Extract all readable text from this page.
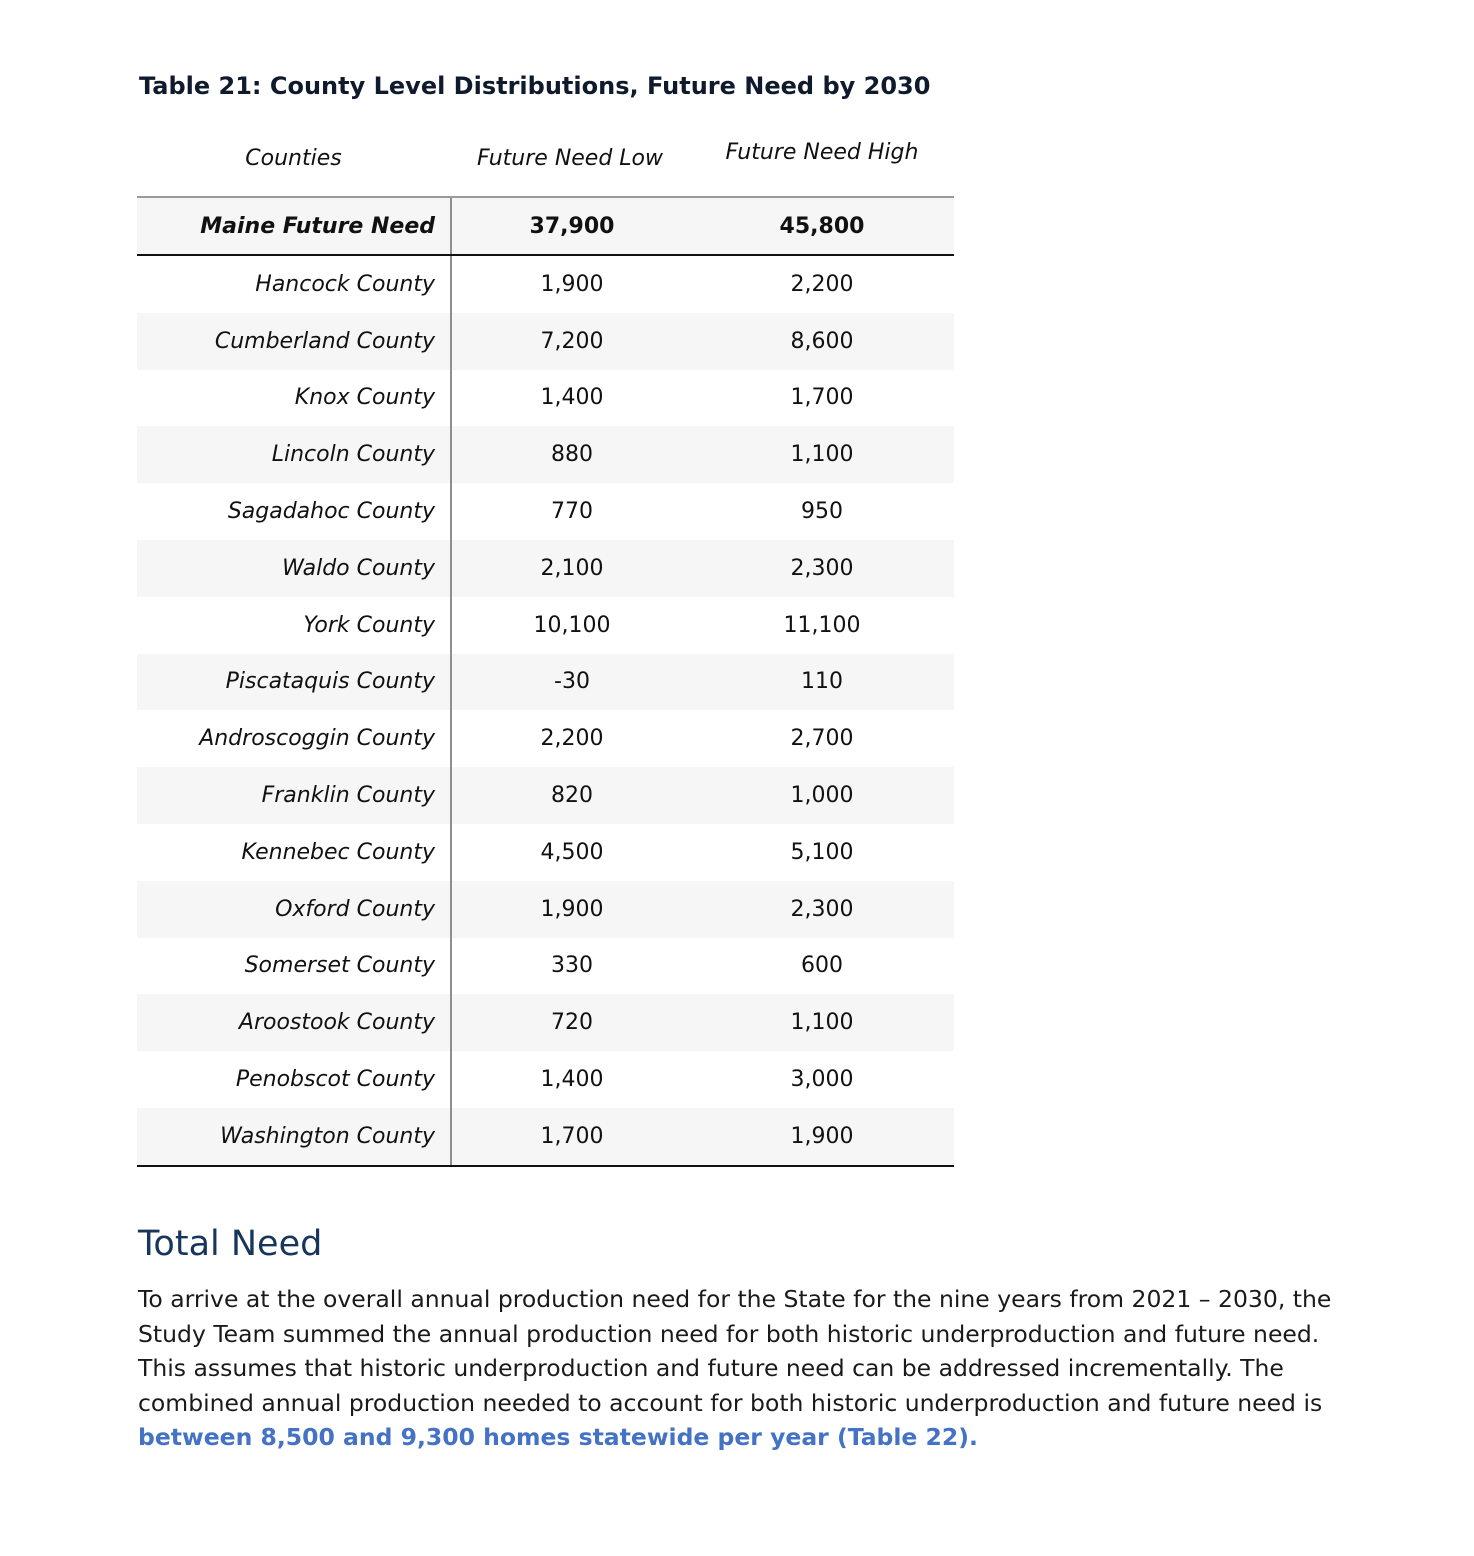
Table 21: County Level Distributions, Future Need by 2030
Counties	Future Need Low	Future Need High
Maine Future Need	37,900	45,800
Hancock County	1,900	2,200
Cumberland County	7,200	8,600
Knox County	1,400	1,700
Lincoln County	880	1,100
Sagadahoc County	770	950
Waldo County	2,100	2,300
York County	10,100	11,100
Piscataquis County	-30	110
Androscoggin County	2,200	2,700
Franklin County	820	1,000
Kennebec County	4,500	5,100
Oxford County	1,900	2,300
Somerset County	330	600
Aroostook County	720	1,100
Penobscot County	1,400	3,000
Washington County	1,700	1,900
Total Need

To arrive at the overall annual production need for the State for the nine years from 2021 – 2030, the Study Team summed the annual production need for both historic underproduction and future need. This assumes that historic underproduction and future need can be addressed incrementally. The combined annual production needed to account for both historic underproduction and future need is between 8,500 and 9,300 homes statewide per year (Table 22).
